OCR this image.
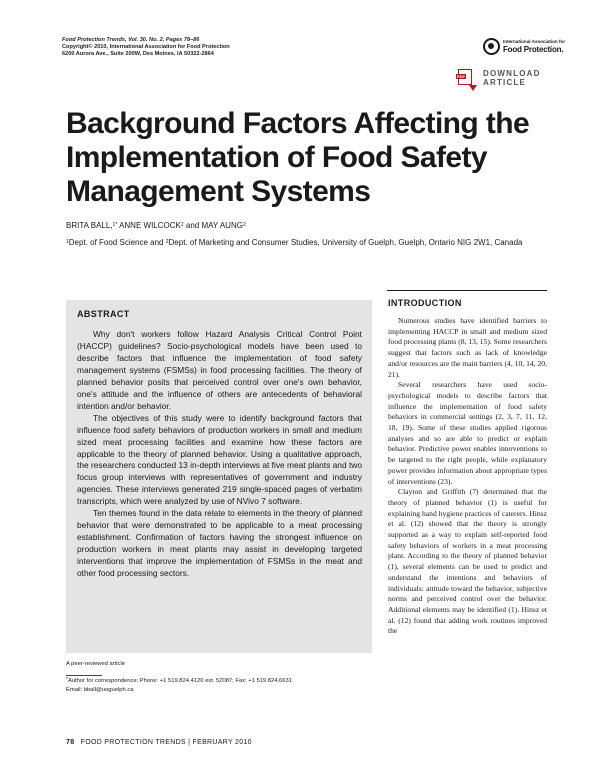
Food Protection Trends, Vol. 30, No. 2, Pages 78–86
Copyright© 2010, International Association for Food Protection
6200 Aurora Ave., Suite 200W, Des Moines, IA 50322-2864
International Association for
Food Protection.
PDF DOWNLOAD
ARTICLE
Background Factors Affecting the Implementation of Food Safety Management Systems
BRITA BALL,$^{1*}$ ANNE WILCOCK$^2$ and MAY AUNG$^2$
$^1$Dept. of Food Science and $^2$Dept. of Marketing and Consumer Studies, University of Guelph, Guelph, Ontario NIG 2W1, Canada
ABSTRACT

Why don't workers follow Hazard Analysis Critical Control Point (HACCP) guidelines? Socio-psychological models have been used to describe factors that influence the implementation of food safety management systems (FSMSs) in food processing facilities. The theory of planned behavior posits that perceived control over one's own behavior, one's attitude and the influence of others are antecedents of behavioral intention and/or behavior.

The objectives of this study were to identify background factors that influence food safety behaviors of production workers in small and medium sized meat processing facilities and examine how these factors are applicable to the theory of planned behavior. Using a qualitative approach, the researchers conducted 13 in-depth interviews at five meat plants and two focus group interviews with representatives of government and industry agencies. These interviews generated 219 single-spaced pages of verbatim transcripts, which were analyzed by use of NVivo 7 software.

Ten themes found in the data relate to elements in the theory of planned behavior that were demonstrated to be applicable to a meat processing establishment. Confirmation of factors having the strongest influence on production workers in meat plants may assist in developing targeted interventions that improve the implementation of FSMSs in the meat and other food processing sectors.

A peer-reviewed article
*Author for correspondence: Phone: +1 519.824.4120 ext. 52087; Fax: +1 519.824.6631
Email: bball@uoguelph.ca
INTRODUCTION

Numerous studies have identified barriers to implementing HACCP in small and medium sized food processing plants (8, 13, 15). Some researchers suggest that factors such as lack of knowledge and/or resources are the main barriers (4, 10, 14, 20, 21).

Several researchers have used socio-psychological models to describe factors that influence the implementation of food safety behaviors in commercial settings (2, 3, 7, 11, 12, 18, 19). Some of these studies applied rigorous analyses and so are able to predict or explain behavior. Predictive power enables interventions to be targeted to the right people, while explanatory power provides information about appropriate types of interventions (23).

Clayton and Griffith (7) determined that the theory of planned behavior (1) is useful for explaining hand hygiene practices of caterers. Hinsz et al. (12) showed that the theory is strongly supported as a way to explain self-reported food safety behaviors of workers in a meat processing plant. According to the theory of planned behavior (1), several elements can be used to predict and understand the intentions and behaviors of individuals: attitude toward the behavior, subjective norms and perceived control over the behavior. Additional elements may be identified (1). Hinsz et al. (12) found that adding work routines improved the

78 FOOD PROTECTION TRENDS | FEBRUARY 2010
